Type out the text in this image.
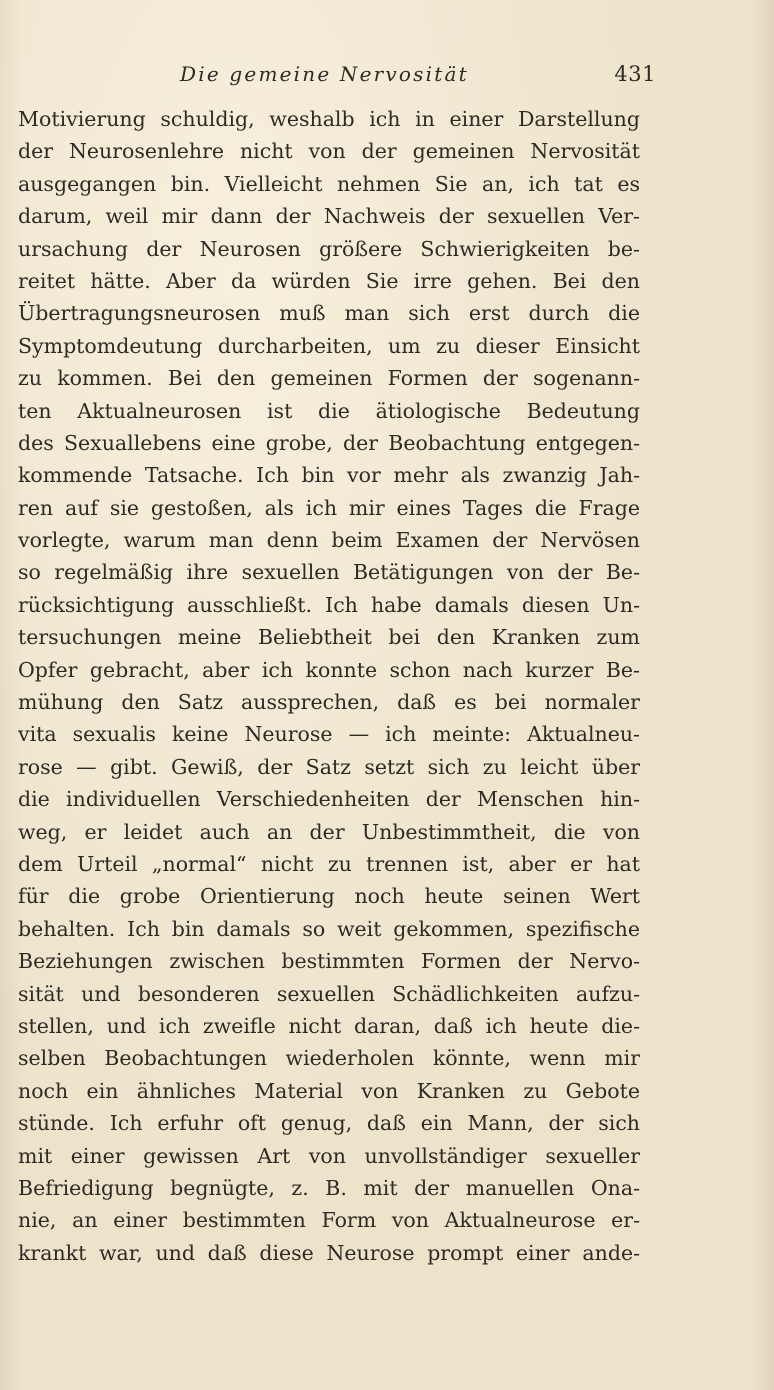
Die gemeine Nervosität	431
Motivierung schuldig, weshalb ich in einer Darstellung
der Neurosenlehre nicht von der gemeinen Nervosität
ausgegangen bin. Vielleicht nehmen Sie an, ich tat es
darum, weil mir dann der Nachweis der sexuellen Ver-
ursachung der Neurosen größere Schwierigkeiten be-
reitet hätte. Aber da würden Sie irre gehen. Bei den
Übertragungsneurosen muß man sich erst durch die
Symptomdeutung durcharbeiten, um zu dieser Einsicht
zu kommen. Bei den gemeinen Formen der sogenann-
ten Aktualneurosen ist die ätiologische Bedeutung
des Sexuallebens eine grobe, der Beobachtung entgegen-
kommende Tatsache. Ich bin vor mehr als zwanzig Jah-
ren auf sie gestoßen, als ich mir eines Tages die Frage
vorlegte, warum man denn beim Examen der Nervösen
so regelmäßig ihre sexuellen Betätigungen von der Be-
rücksichtigung ausschließt. Ich habe damals diesen Un-
tersuchungen meine Beliebtheit bei den Kranken zum
Opfer gebracht, aber ich konnte schon nach kurzer Be-
mühung den Satz aussprechen, daß es bei normaler
vita sexualis keine Neurose — ich meinte: Aktualneu-
rose — gibt. Gewiß, der Satz setzt sich zu leicht über
die individuellen Verschiedenheiten der Menschen hin-
weg, er leidet auch an der Unbestimmtheit, die von
dem Urteil „normal“ nicht zu trennen ist, aber er hat
für die grobe Orientierung noch heute seinen Wert
behalten. Ich bin damals so weit gekommen, spezifische
Beziehungen zwischen bestimmten Formen der Nervo-
sität und besonderen sexuellen Schädlichkeiten aufzu-
stellen, und ich zweifle nicht daran, daß ich heute die-
selben Beobachtungen wiederholen könnte, wenn mir
noch ein ähnliches Material von Kranken zu Gebote
stünde. Ich erfuhr oft genug, daß ein Mann, der sich
mit einer gewissen Art von unvollständiger sexueller
Befriedigung begnügte, z. B. mit der manuellen Ona-
nie, an einer bestimmten Form von Aktualneurose er-
krankt war, und daß diese Neurose prompt einer ande-
